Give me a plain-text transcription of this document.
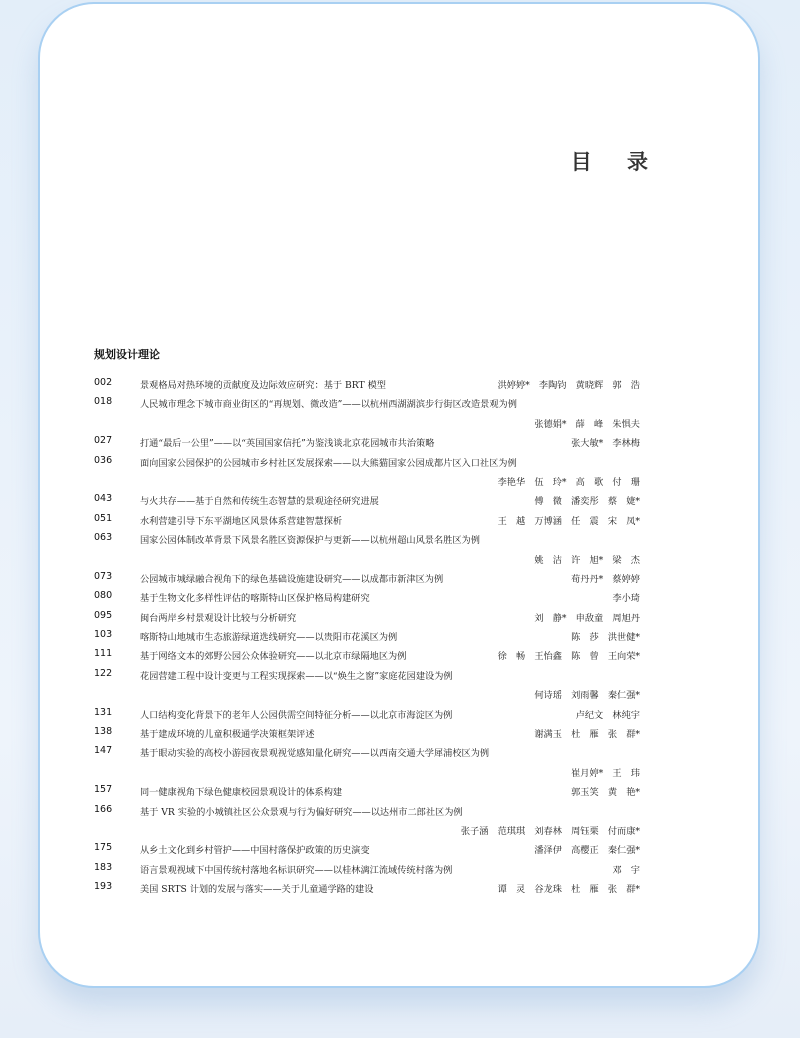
目 录
规划设计理论
002	景观格局对热环境的贡献度及边际效应研究：基于 BRT 模型	洪婷婷*　李陶钧　黄晓辉　郭　浩
018	人民城市理念下城市商业街区的“再规划、微改造”——以杭州西湖湖滨步行街区改造景观为例
张德娟*　薛　峰　朱惧夫
027	打通“最后一公里”——以“英国国家信托”为鉴浅谈北京花园城市共治策略	张大敏*　李林梅
036	面向国家公园保护的公园城市乡村社区发展探索——以大熊猫国家公园成都片区入口社区为例
李艳华　伍　玲*　高　歌　付　珊
043	与火共存——基于自然和传统生态智慧的景观途径研究进展	傅　微　潘奕彤　蔡　婕*
051	水利营建引导下东平湖地区风景体系营建智慧探析	王　越　万博涵　任　震　宋　凤*
063	国家公园体制改革背景下风景名胜区资源保护与更新——以杭州超山风景名胜区为例
姚　洁　许　旭*　梁　杰
073	公园城市城绿融合视角下的绿色基础设施建设研究——以成都市新津区为例	荀丹丹*　蔡婷婷
080	基于生物文化多样性评估的喀斯特山区保护格局构建研究	李小琦
095	闽台两岸乡村景观设计比较与分析研究	刘　静*　申敌童　周旭丹
103	喀斯特山地城市生态旅游绿道选线研究——以贵阳市花溪区为例	陈　莎　洪世健*
111	基于网络文本的郊野公园公众体验研究——以北京市绿隔地区为例	徐　畅　王怡鑫　陈　曾　王向荣*
122	花园营建工程中设计变更与工程实现探索——以“焕生之窗”家庭花园建设为例
何诗瑶　刘雨馨　秦仁强*
131	人口结构变化背景下的老年人公园供需空间特征分析——以北京市海淀区为例	卢纪文　林纯宇
138	基于建成环境的儿童积极通学决策框架评述	谢满玉　杜　雁　张　群*
147	基于眼动实验的高校小游园夜景观视觉感知量化研究——以西南交通大学犀浦校区为例
崔月婷*　王　玮
157	同一健康视角下绿色健康校园景观设计的体系构建	郭玉笑　黄　艳*
166	基于 VR 实验的小城镇社区公众景观与行为偏好研究——以达州市二郎社区为例
张子涵　范琪琪　刘春林　周钰栗　付而康*
175	从乡土文化到乡村管护——中国村落保护政策的历史演变	潘泽伊　高樱正　秦仁强*
183	语言景观视域下中国传统村落地名标识研究——以桂林漓江流域传统村落为例	邓　宇
193	美国 SRTS 计划的发展与落实——关于儿童通学路的建设	谭　灵　谷龙珠　杜　雁　张　群*
